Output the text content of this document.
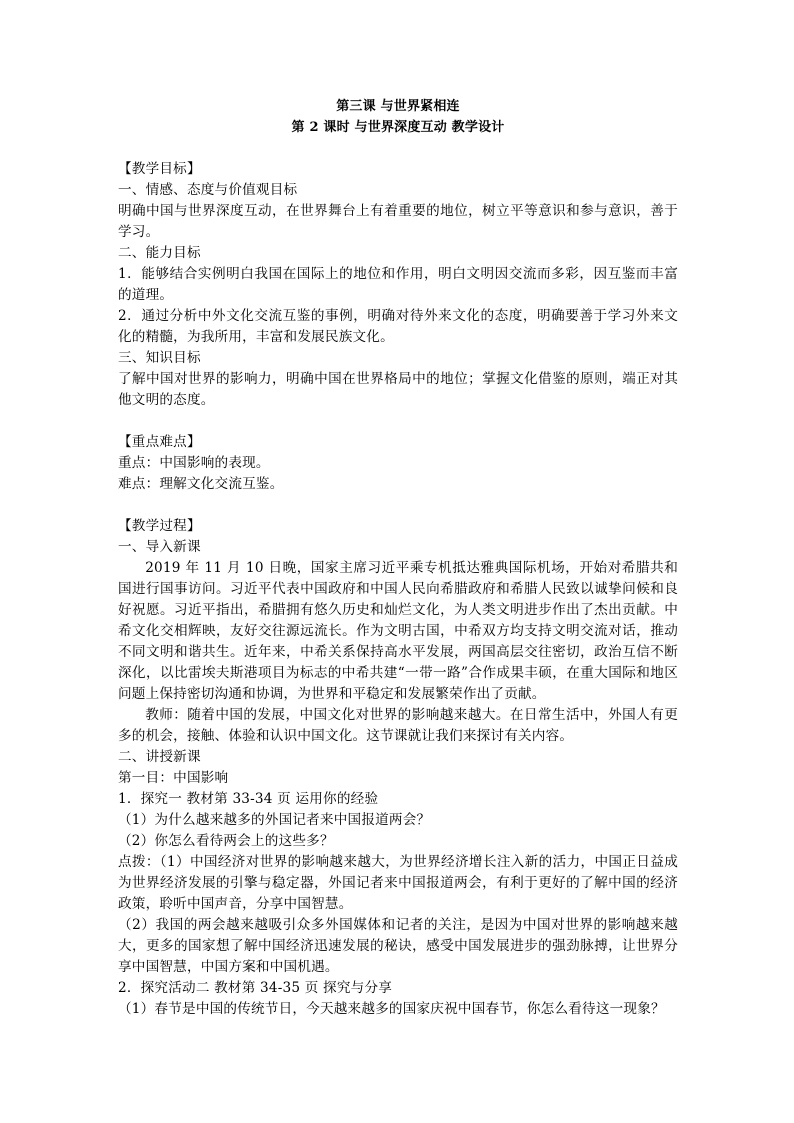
第三课 与世界紧相连

第 2 课时 与世界深度互动 教学设计

【教学目标】

一、情感、态度与价值观目标

明确中国与世界深度互动，在世界舞台上有着重要的地位，树立平等意识和参与意识，善于学习。

二、能力目标

1．能够结合实例明白我国在国际上的地位和作用，明白文明因交流而多彩，因互鉴而丰富的道理。

2．通过分析中外文化交流互鉴的事例，明确对待外来文化的态度，明确要善于学习外来文化的精髓，为我所用，丰富和发展民族文化。

三、知识目标

了解中国对世界的影响力，明确中国在世界格局中的地位；掌握文化借鉴的原则，端正对其他文明的态度。

【重点难点】

重点：中国影响的表现。

难点：理解文化交流互鉴。

【教学过程】

一、导入新课

2019 年 11 月 10 日晚，国家主席习近平乘专机抵达雅典国际机场，开始对希腊共和国进行国事访问。习近平代表中国政府和中国人民向希腊政府和希腊人民致以诚挚问候和良好祝愿。习近平指出，希腊拥有悠久历史和灿烂文化，为人类文明进步作出了杰出贡献。中希文化交相辉映，友好交往源远流长。作为文明古国，中希双方均支持文明交流对话，推动不同文明和谐共生。近年来，中希关系保持高水平发展，两国高层交往密切，政治互信不断深化，以比雷埃夫斯港项目为标志的中希共建“一带一路”合作成果丰硕，在重大国际和地区问题上保持密切沟通和协调，为世界和平稳定和发展繁荣作出了贡献。

教师：随着中国的发展，中国文化对世界的影响越来越大。在日常生活中，外国人有更多的机会，接触、体验和认识中国文化。这节课就让我们来探讨有关内容。

二、讲授新课

第一目：中国影响

1．探究一 教材第 33-34 页 运用你的经验

（1）为什么越来越多的外国记者来中国报道两会？

（2）你怎么看待两会上的这些多？

点拨：（1）中国经济对世界的影响越来越大，为世界经济增长注入新的活力，中国正日益成为世界经济发展的引擎与稳定器，外国记者来中国报道两会，有利于更好的了解中国的经济政策，聆听中国声音，分享中国智慧。

（2）我国的两会越来越吸引众多外国媒体和记者的关注，是因为中国对世界的影响越来越大，更多的国家想了解中国经济迅速发展的秘诀，感受中国发展进步的强劲脉搏，让世界分享中国智慧，中国方案和中国机遇。

2．探究活动二 教材第 34-35 页 探究与分享

（1）春节是中国的传统节日，今天越来越多的国家庆祝中国春节，你怎么看待这一现象？
